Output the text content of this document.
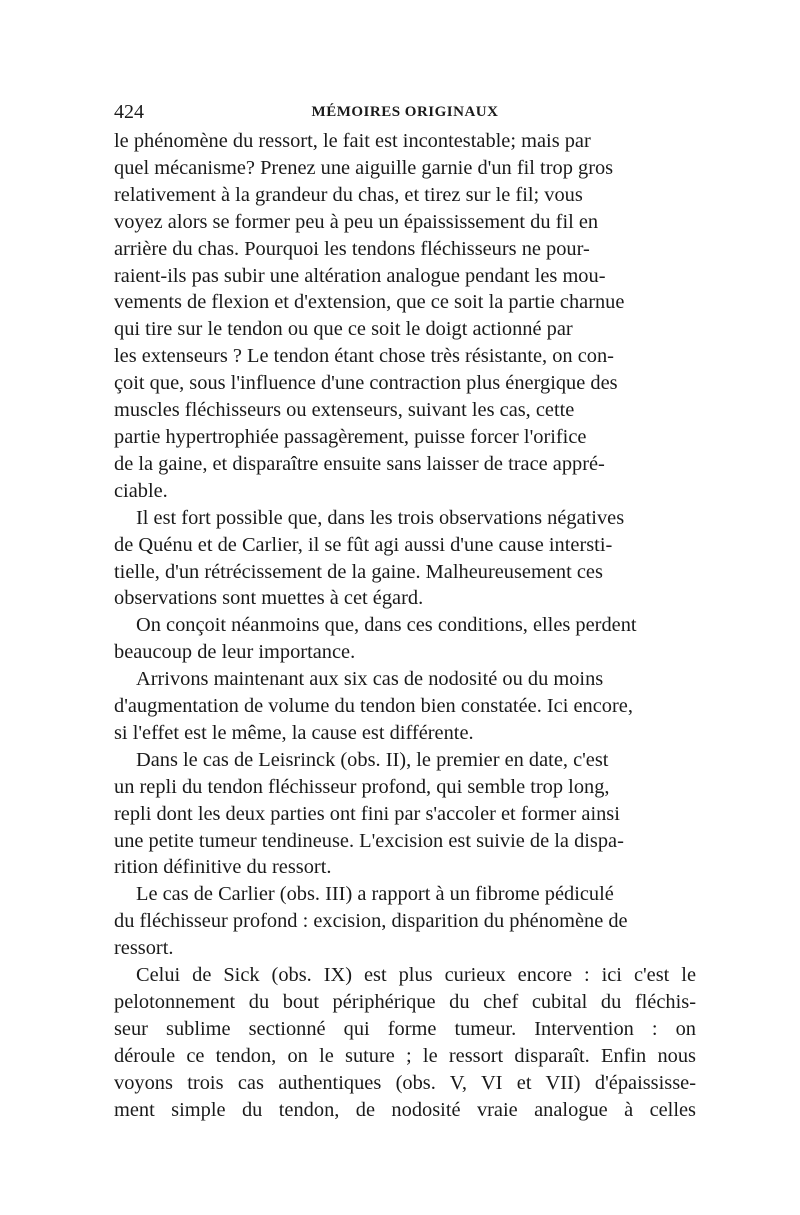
424	MÉMOIRES ORIGINAUX

le phénomène du ressort, le fait est incontestable; mais par
quel mécanisme? Prenez une aiguille garnie d'un fil trop gros
relativement à la grandeur du chas, et tirez sur le fil; vous
voyez alors se former peu à peu un épaississement du fil en
arrière du chas. Pourquoi les tendons fléchisseurs ne pour-
raient-ils pas subir une altération analogue pendant les mou-
vements de flexion et d'extension, que ce soit la partie charnue
qui tire sur le tendon ou que ce soit le doigt actionné par
les extenseurs ? Le tendon étant chose très résistante, on con-
çoit que, sous l'influence d'une contraction plus énergique des
muscles fléchisseurs ou extenseurs, suivant les cas, cette
partie hypertrophiée passagèrement, puisse forcer l'orifice
de la gaine, et disparaître ensuite sans laisser de trace appré-
ciable.

Il est fort possible que, dans les trois observations négatives
de Quénu et de Carlier, il se fût agi aussi d'une cause intersti-
tielle, d'un rétrécissement de la gaine. Malheureusement ces
observations sont muettes à cet égard.

On conçoit néanmoins que, dans ces conditions, elles perdent
beaucoup de leur importance.

Arrivons maintenant aux six cas de nodosité ou du moins
d'augmentation de volume du tendon bien constatée. Ici encore,
si l'effet est le même, la cause est différente.

Dans le cas de Leisrinck (obs. II), le premier en date, c'est
un repli du tendon fléchisseur profond, qui semble trop long,
repli dont les deux parties ont fini par s'accoler et former ainsi
une petite tumeur tendineuse. L'excision est suivie de la dispa-
rition définitive du ressort.

Le cas de Carlier (obs. III) a rapport à un fibrome pédiculé
du fléchisseur profond : excision, disparition du phénomène de
ressort.

Celui de Sick (obs. IX) est plus curieux encore : ici c'est le
pelotonnement du bout périphérique du chef cubital du fléchis-
seur sublime sectionné qui forme tumeur. Intervention : on
déroule ce tendon, on le suture ; le ressort disparaît. Enfin nous
voyons trois cas authentiques (obs. V, VI et VII) d'épaississe-
ment simple du tendon, de nodosité vraie analogue à celles
